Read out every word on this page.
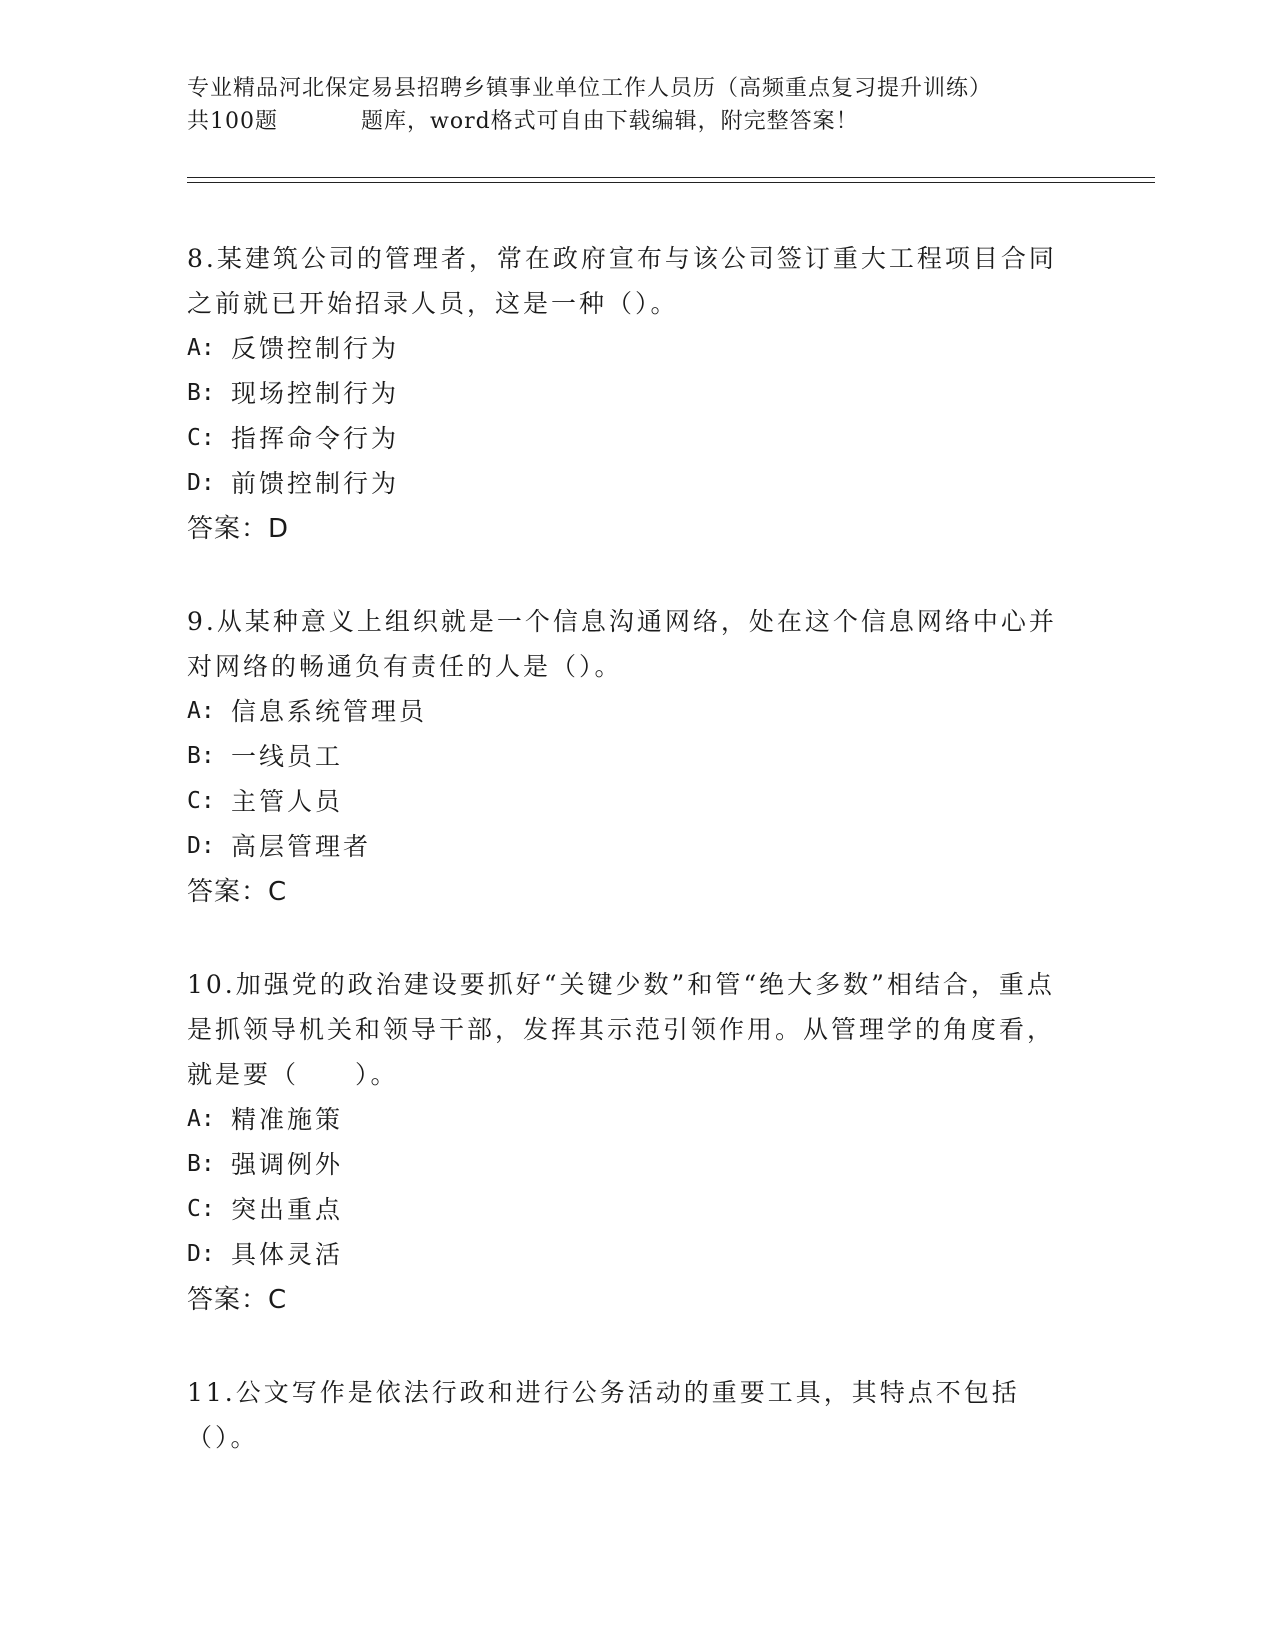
专业精品河北保定易县招聘乡镇事业单位工作人员历（高频重点复习提升训练）
共100题	题库，word格式可自由下载编辑，附完整答案！

8.某建筑公司的管理者，常在政府宣布与该公司签订重大工程项目合同之前就已开始招录人员，这是一种（）。

A: 反馈控制行为
B: 现场控制行为
C: 指挥命令行为
D: 前馈控制行为
答案：D

9.从某种意义上组织就是一个信息沟通网络，处在这个信息网络中心并对网络的畅通负有责任的人是（）。

A: 信息系统管理员
B: 一线员工
C: 主管人员
D: 高层管理者
答案：C

10.加强党的政治建设要抓好“关键少数”和管“绝大多数”相结合，重点是抓领导机关和领导干部，发挥其示范引领作用。从管理学的角度看，就是要（　　）。

A: 精准施策
B: 强调例外
C: 突出重点
D: 具体灵活
答案：C

11.公文写作是依法行政和进行公务活动的重要工具，其特点不包括（）。
